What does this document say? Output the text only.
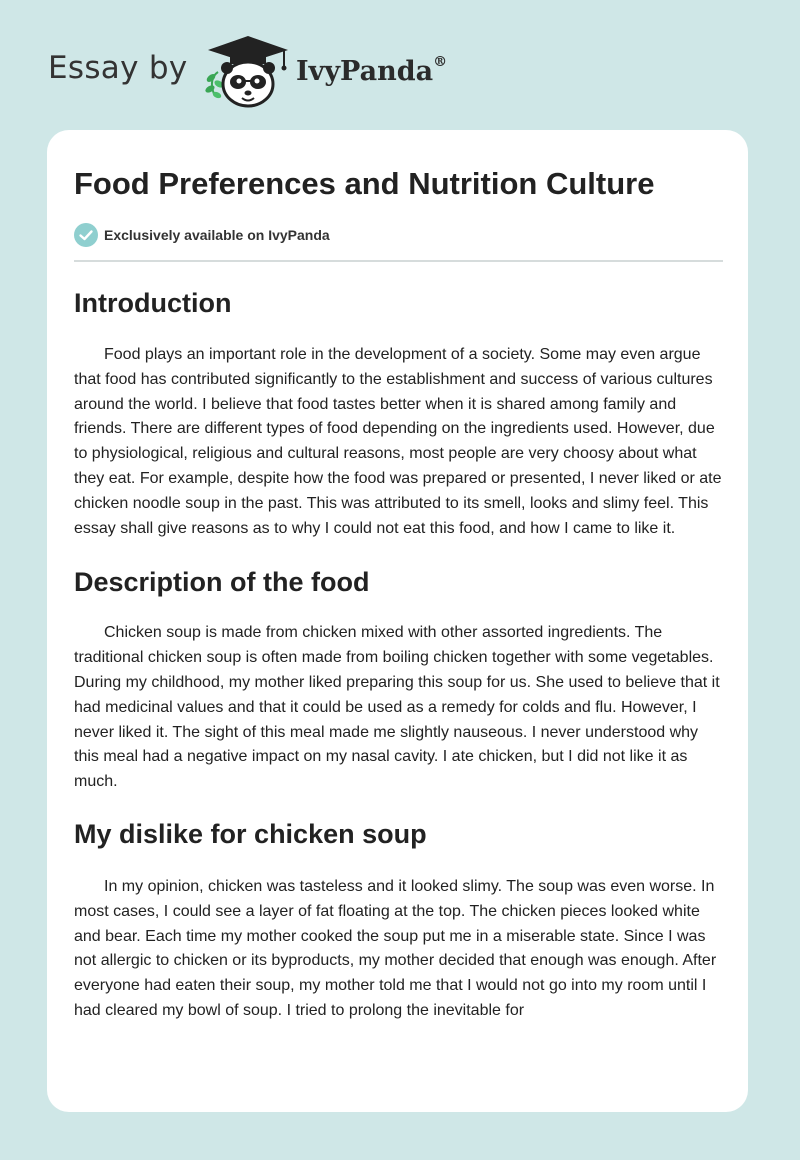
Essay by	IvyPanda®
Food Preferences and Nutrition Culture
Exclusively available on IvyPanda
Introduction

Food plays an important role in the development of a society. Some may even argue that food has contributed significantly to the establishment and success of various cultures around the world. I believe that food tastes better when it is shared among family and friends. There are different types of food depending on the ingredients used. However, due to physiological, religious and cultural reasons, most people are very choosy about what they eat. For example, despite how the food was prepared or presented, I never liked or ate chicken noodle soup in the past. This was attributed to its smell, looks and slimy feel. This essay shall give reasons as to why I could not eat this food, and how I came to like it.

Description of the food

Chicken soup is made from chicken mixed with other assorted ingredients. The traditional chicken soup is often made from boiling chicken together with some vegetables. During my childhood, my mother liked preparing this soup for us. She used to believe that it had medicinal values and that it could be used as a remedy for colds and flu. However, I never liked it. The sight of this meal made me slightly nauseous. I never understood why this meal had a negative impact on my nasal cavity. I ate chicken, but I did not like it as much.

My dislike for chicken soup

In my opinion, chicken was tasteless and it looked slimy. The soup was even worse. In most cases, I could see a layer of fat floating at the top. The chicken pieces looked white and bear. Each time my mother cooked the soup put me in a miserable state. Since I was not allergic to chicken or its byproducts, my mother decided that enough was enough. After everyone had eaten their soup, my mother told me that I would not go into my room until I had cleared my bowl of soup. I tried to prolong the inevitable for
